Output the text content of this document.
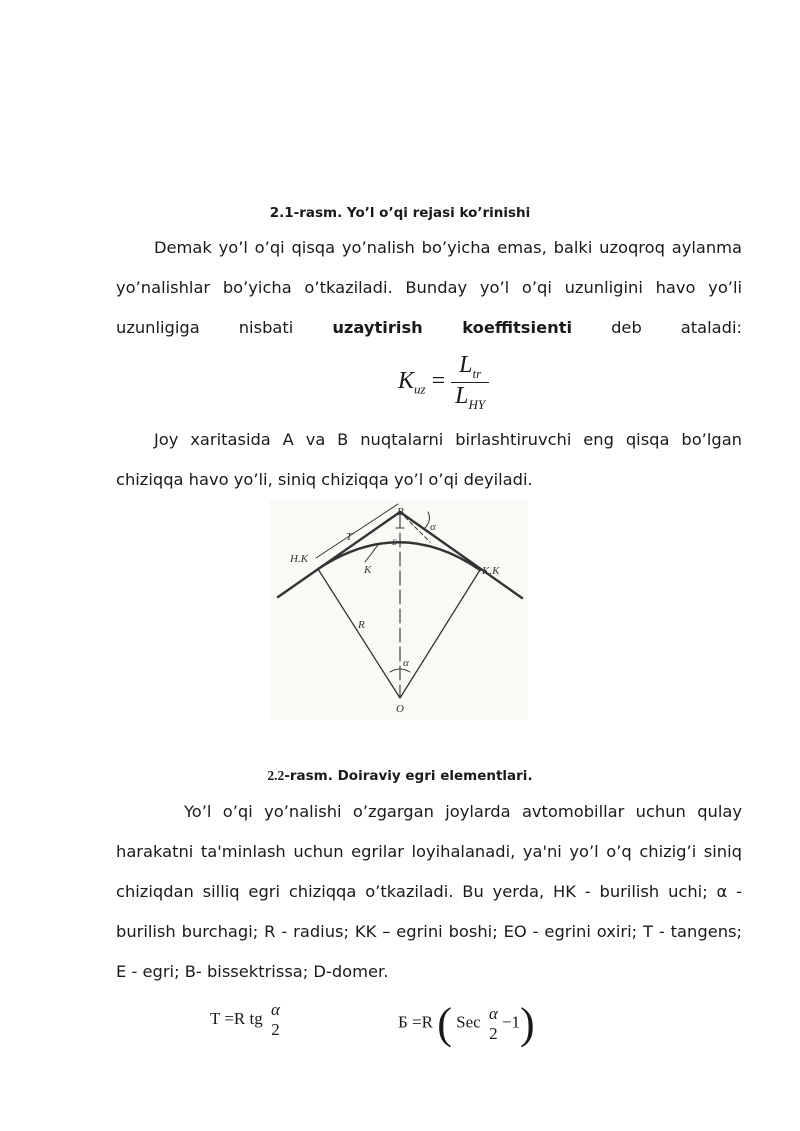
2.1-rasm. Yo’l o’qi rejasi ko’rinishi

Demak yo’l o’qi qisqa yo’nalish bo’yicha emas, balki uzoqroq aylanma yo’nalishlar bo’yicha o’tkaziladi. Bunday yo’l o’qi uzunligini havo yo’li uzunligiga nisbati uzaytirish koeffitsienti deb ataladi:

$K_{uz} = \frac{L_{tr}}{L_{HY}}$

Joy xaritasida A va B nuqtalarni birlashtiruvchi eng qisqa bo’lgan chiziqqa havo yo’li, siniq chiziqqa yo’l o’qi deyiladi.

H.K
K.K
T
K
R
α
α
Б
B
O
2.2-rasm. Doiraviy egri elementlari.

Yo’l o’qi yo’nalishi o’zgargan joylarda avtomobillar uchun qulay harakatni ta'minlash uchun egrilar loyihalanadi, ya'ni yo’l o’q chizig’i siniq chiziqdan silliq egri chiziqqa o’tkaziladi. Bu yerda, HK - burilish uchi; α - burilish burchagi; R - radius; KK – egrini boshi; EO - egrini oxiri; T - tangens; E - egri; B- bissektrissa; D-domer.

T =R tg α
2	Б =R ( Sec α
2
−1)
